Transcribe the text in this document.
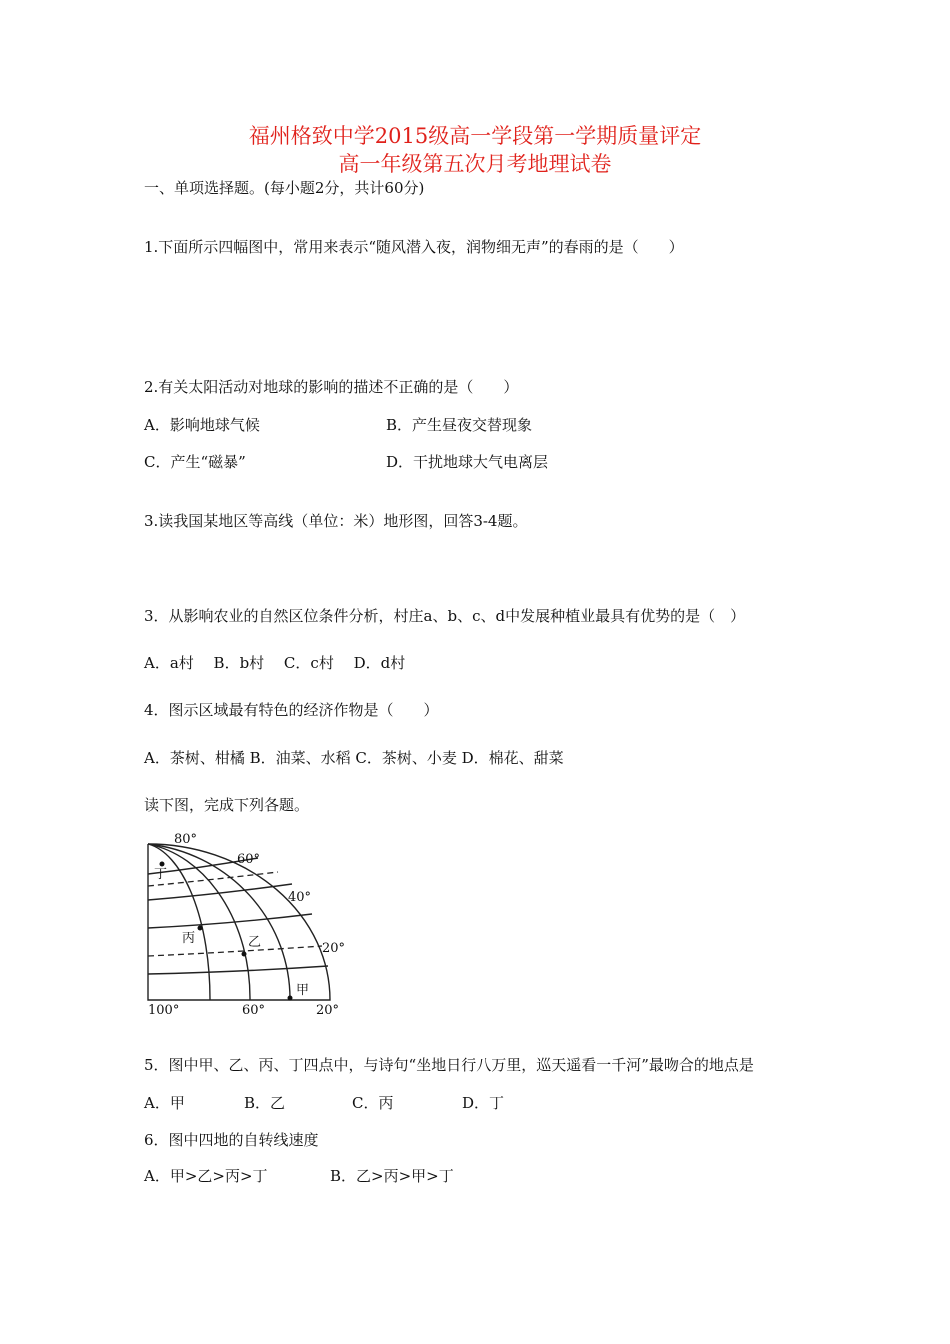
福州格致中学2015级高一学段第一学期质量评定
高一年级第五次月考地理试卷
一、单项选择题。(每小题2分，共计60分)
1.下面所示四幅图中，常用来表示“随风潜入夜，润物细无声”的春雨的是（　　）
2.有关太阳活动对地球的影响的描述不正确的是（　　）
A．影响地球气候	B．产生昼夜交替现象
C．产生“磁暴”	D．干扰地球大气电离层
3.读我国某地区等高线（单位：米）地形图，回答3-4题。
3．从影响农业的自然区位条件分析，村庄a、b、c、d中发展种植业最具有优势的是（　）
A．a村　 B．b村　 C．c村　 D．d村
4．图示区域最有特色的经济作物是（　　）
A．茶树、柑橘 B．油菜、水稻 C．茶树、小麦 D．棉花、甜菜
读下图，完成下列各题。
80°
60°
40°
20°
100°	60°	20°
甲
乙
丙
丁
5．图中甲、乙、丙、丁四点中，与诗句“坐地日行八万里，巡天遥看一千河”最吻合的地点是
A．甲	B．乙	C．丙	D．丁
6．图中四地的自转线速度
A．甲>乙>丙>丁	B．乙>丙>甲>丁
